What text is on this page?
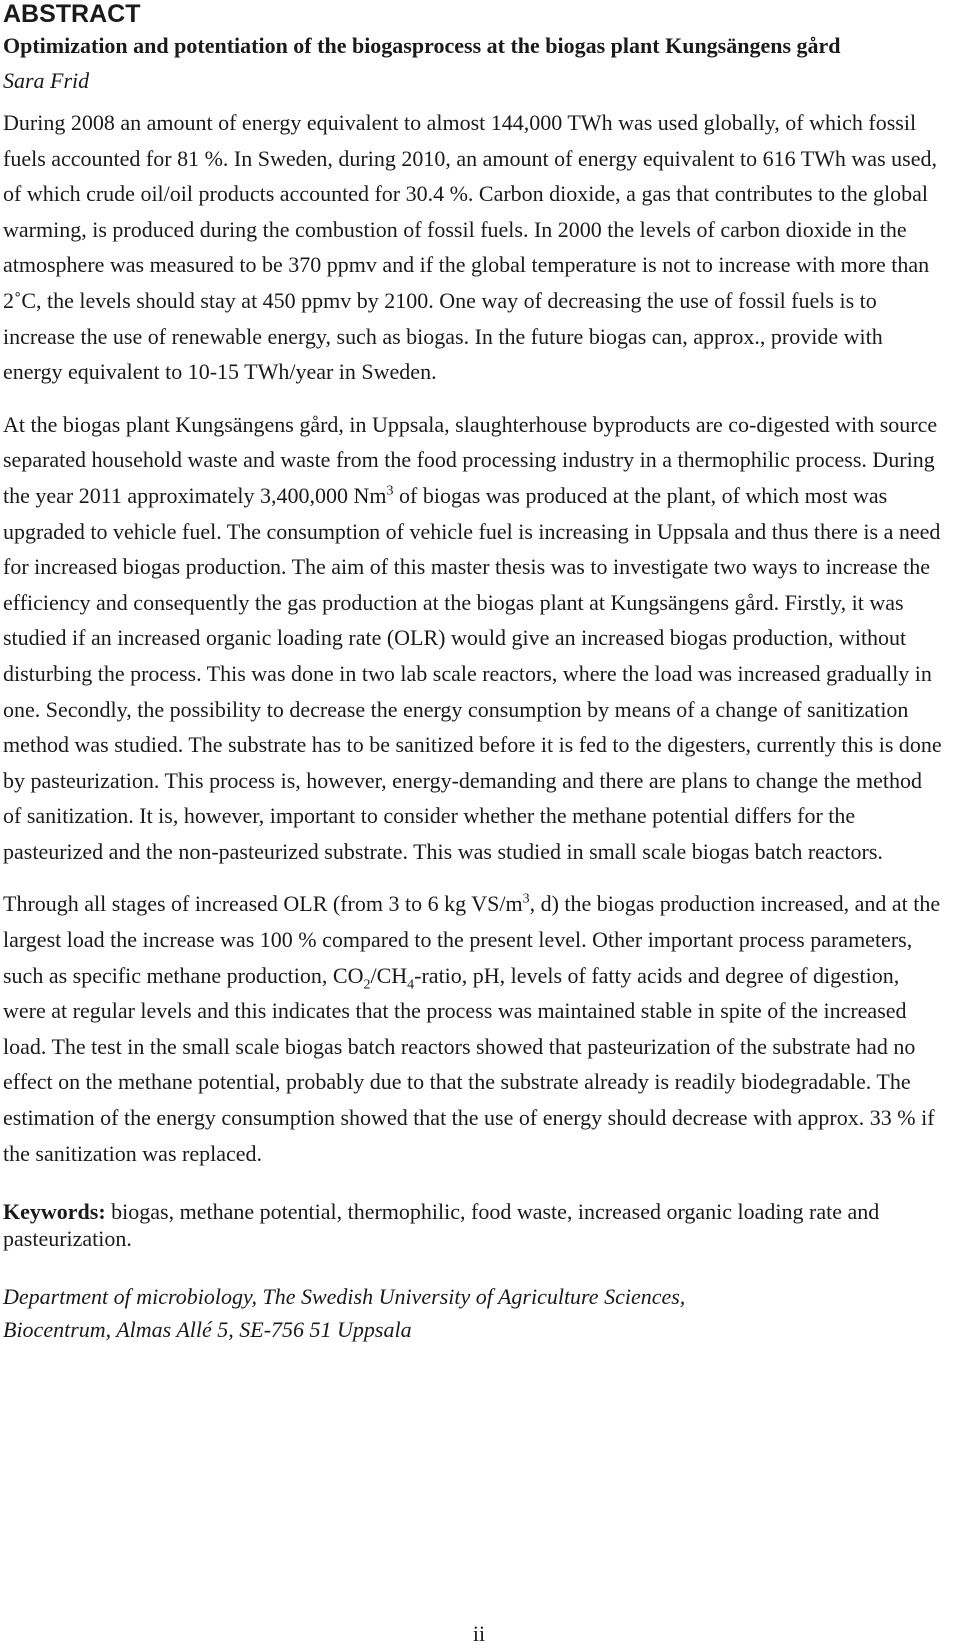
ABSTRACT

Optimization and potentiation of the biogasprocess at the biogas plant Kungsängens gård

Sara Frid

During 2008 an amount of energy equivalent to almost 144,000 TWh was used globally, of which fossil fuels accounted for 81 %. In Sweden, during 2010, an amount of energy equivalent to 616 TWh was used, of which crude oil/oil products accounted for 30.4 %. Carbon dioxide, a gas that contributes to the global warming, is produced during the combustion of fossil fuels. In 2000 the levels of carbon dioxide in the atmosphere was measured to be 370 ppmv and if the global temperature is not to increase with more than 2˚C, the levels should stay at 450 ppmv by 2100. One way of decreasing the use of fossil fuels is to increase the use of renewable energy, such as biogas. In the future biogas can, approx., provide with energy equivalent to 10-15 TWh/year in Sweden.

At the biogas plant Kungsängens gård, in Uppsala, slaughterhouse byproducts are co-digested with source separated household waste and waste from the food processing industry in a thermophilic process. During the year 2011 approximately 3,400,000 Nm$^3$ of biogas was produced at the plant, of which most was upgraded to vehicle fuel. The consumption of vehicle fuel is increasing in Uppsala and thus there is a need for increased biogas production. The aim of this master thesis was to investigate two ways to increase the efficiency and consequently the gas production at the biogas plant at Kungsängens gård. Firstly, it was studied if an increased organic loading rate (OLR) would give an increased biogas production, without disturbing the process. This was done in two lab scale reactors, where the load was increased gradually in one. Secondly, the possibility to decrease the energy consumption by means of a change of sanitization method was studied. The substrate has to be sanitized before it is fed to the digesters, currently this is done by pasteurization. This process is, however, energy-demanding and there are plans to change the method of sanitization. It is, however, important to consider whether the methane potential differs for the pasteurized and the non-pasteurized substrate. This was studied in small scale biogas batch reactors.

Through all stages of increased OLR (from 3 to 6 kg $VS/m^3$, d) the biogas production increased, and at the largest load the increase was 100 % compared to the present level. Other important process parameters, such as specific methane production, $CO_2/CH_4$-ratio, pH, levels of fatty acids and degree of digestion, were at regular levels and this indicates that the process was maintained stable in spite of the increased load. The test in the small scale biogas batch reactors showed that pasteurization of the substrate had no effect on the methane potential, probably due to that the substrate already is readily biodegradable. The estimation of the energy consumption showed that the use of energy should decrease with approx. 33 % if the sanitization was replaced.

Keywords: biogas, methane potential, thermophilic, food waste, increased organic loading rate and pasteurization.

Department of microbiology, The Swedish University of Agriculture Sciences,
Biocentrum, Almas Allé 5, SE-756 51 Uppsala

ii
